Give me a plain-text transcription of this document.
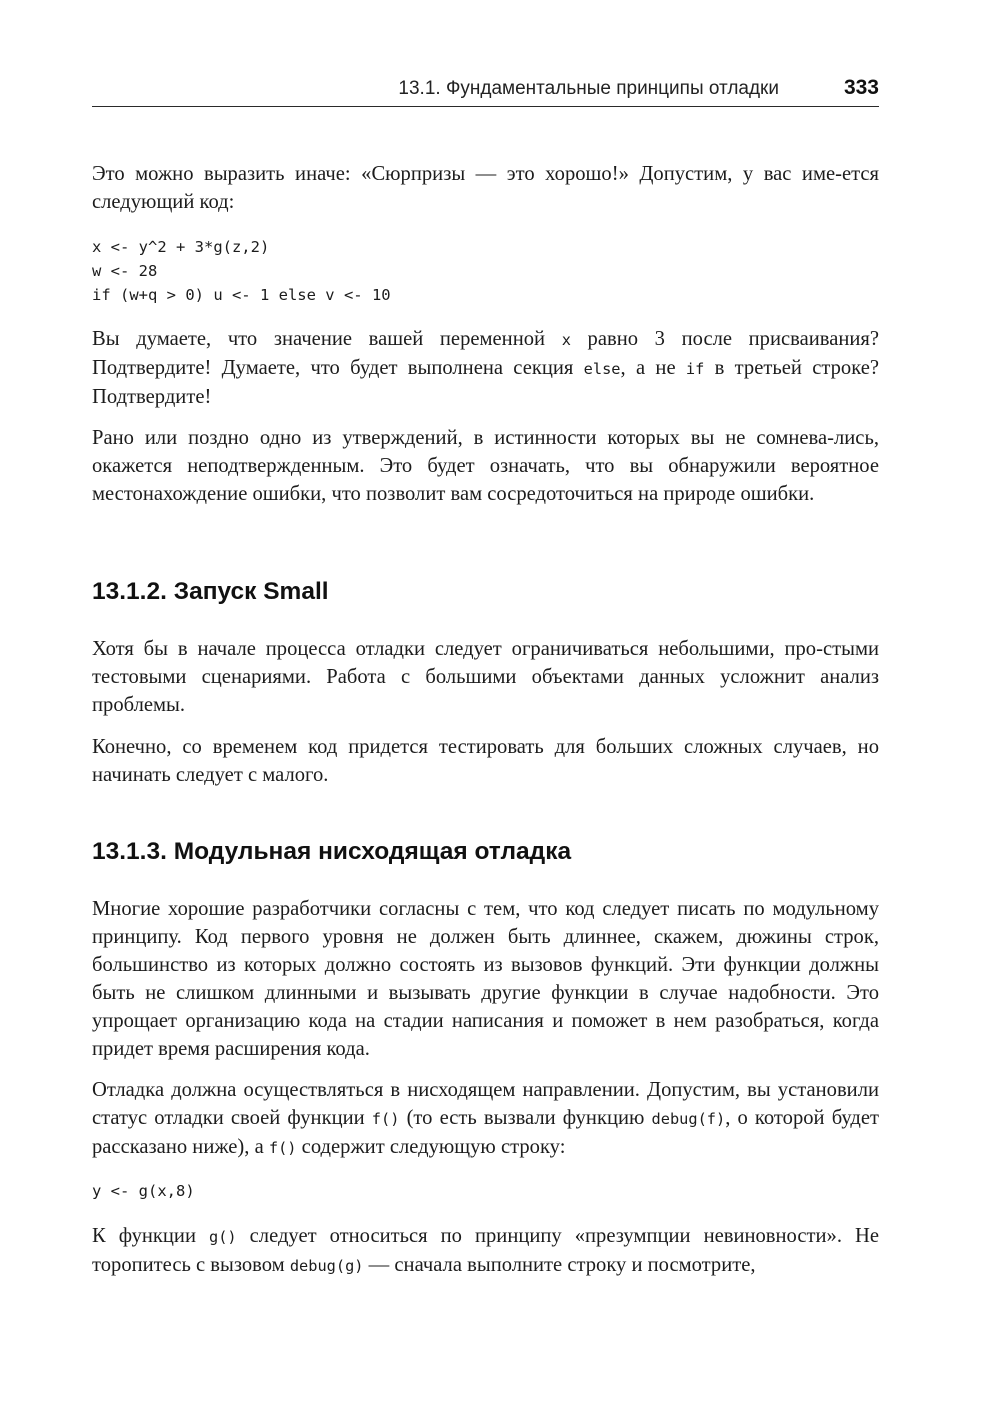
13.1. Фундаментальные принципы отладки	333

Это можно выразить иначе: «Сюрпризы — это хорошо!» Допустим, у вас име-ется следующий код:

x <- y^2 + 3*g(z,2)
w <- 28
if (w+q > 0) u <- 1 else v <- 10

Вы думаете, что значение вашей переменной x равно 3 после присваивания? Подтвердите! Думаете, что будет выполнена секция else, а не if в третьей строке? Подтвердите!

Рано или поздно одно из утверждений, в истинности которых вы не сомнева-лись, окажется неподтвержденным. Это будет означать, что вы обнаружили вероятное местонахождение ошибки, что позволит вам сосредоточиться на природе ошибки.

13.1.2. Запуск Small

Хотя бы в начале процесса отладки следует ограничиваться небольшими, про-стыми тестовыми сценариями. Работа с большими объектами данных усложнит анализ проблемы.

Конечно, со временем код придется тестировать для больших сложных случаев, но начинать следует с малого.

13.1.3. Модульная нисходящая отладка

Многие хорошие разработчики согласны с тем, что код следует писать по модульному принципу. Код первого уровня не должен быть длиннее, скажем, дюжины строк, большинство из которых должно состоять из вызовов функций. Эти функции должны быть не слишком длинными и вызывать другие функции в случае надобности. Это упрощает организацию кода на стадии написания и поможет в нем разобраться, когда придет время расширения кода.

Отладка должна осуществляться в нисходящем направлении. Допустим, вы установили статус отладки своей функции f() (то есть вызвали функцию debug(f), о которой будет рассказано ниже), а f() содержит следующую строку:

y <- g(x,8)

К функции g() следует относиться по принципу «презумпции невиновности». Не торопитесь с вызовом debug(g) — сначала выполните строку и посмотрите,
